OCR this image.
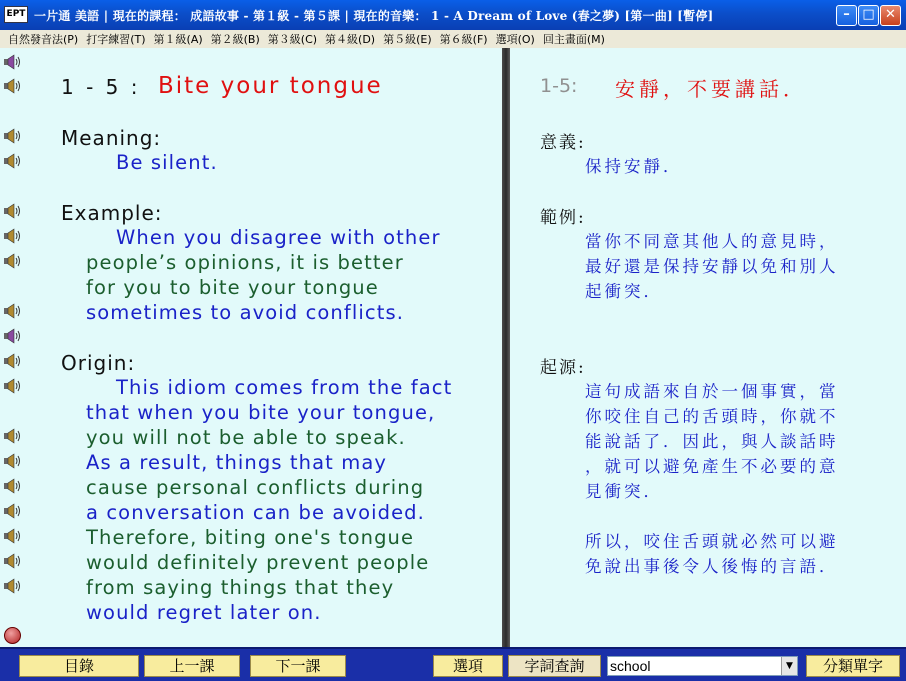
EPT 一片通 美語 | 現在的課程： 成語故事 - 第１級 - 第５課 | 現在的音樂： 1 - A Dream of Love (春之夢) [第一曲] [暫停]	– □ ✕
自然發音法(P) 打字練習(T) 第１級(A) 第２級(B) 第３級(C) 第４級(D) 第５級(E) 第６級(F) 選項(O) 回主畫面(M)
1 - 5 : Bite your tongue
Meaning:
Be silent.
Example:
When you disagree with other
people’s opinions, it is better
for you to bite your tongue
sometimes to avoid conflicts.
Origin:
This idiom comes from the fact
that when you bite your tongue,
you will not be able to speak.
As a result, things that may
cause personal conflicts during
a conversation can be avoided.
Therefore, biting one's tongue
would definitely prevent people
from saying things that they
would regret later on.
1-5: 安靜，不要講話．
意義:
保持安靜．
範例:
當你不同意其他人的意見時，
最好還是保持安靜以免和別人
起衝突．
起源:
這句成語來自於一個事實，當
你咬住自己的舌頭時，你就不
能說話了．因此，與人談話時
，就可以避免產生不必要的意
見衝突．
所以，咬住舌頭就必然可以避
免說出事後令人後悔的言語．
目錄	上一課	下一課	選項	字詞查詢
school	▼	分類單字
